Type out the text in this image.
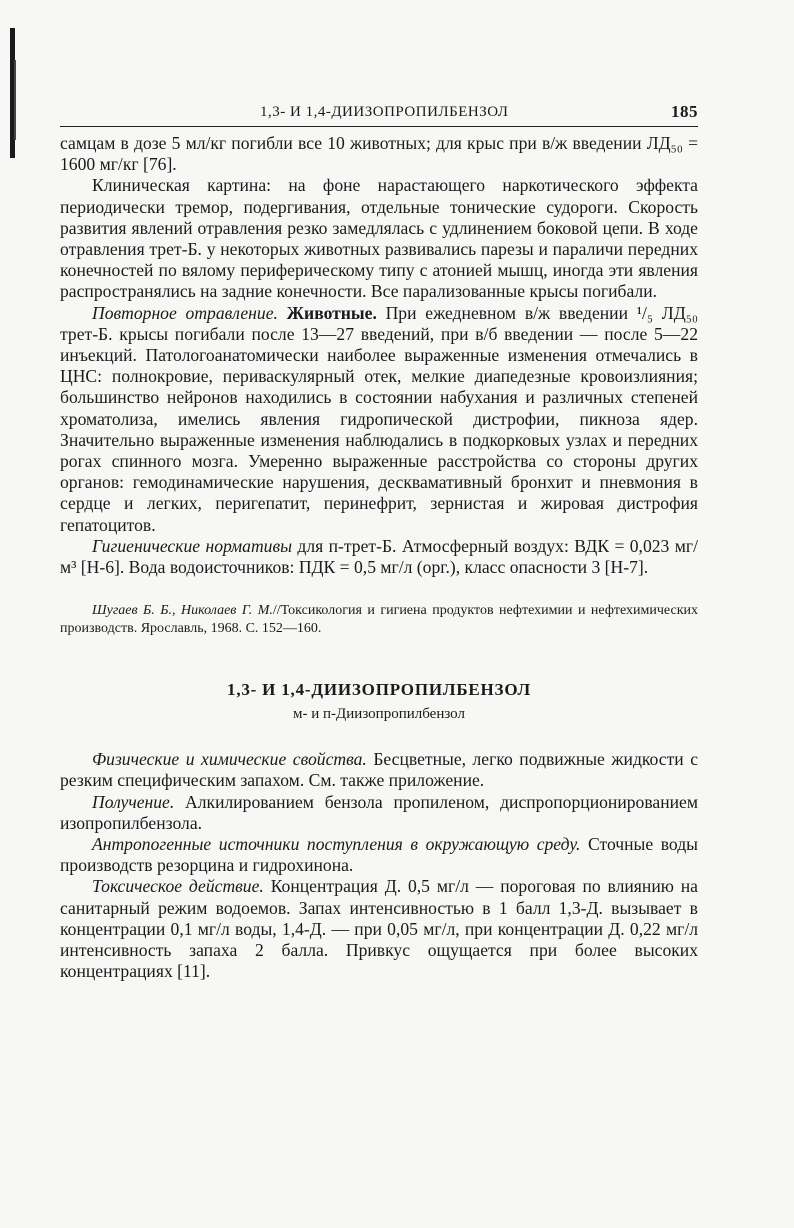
1,3- И 1,4-ДИИЗОПРОПИЛБЕНЗОЛ	185

самцам в дозе 5 мл/кг погибли все 10 животных; для крыс при в/ж введении ЛД₅₀ = 1600 мг/кг [76].

Клиническая картина: на фоне нарастающего наркотического эффекта периодически тремор, подергивания, отдельные тонические судороги. Скорость развития явлений отравления резко замедлялась с удлинением боковой цепи. В ходе отравления трет-Б. у некоторых животных развивались парезы и параличи передних конечностей по вялому периферическому типу с атонией мышц, иногда эти явления распространялись на задние конечности. Все парализованные крысы погибали.

Повторное отравление. Животные. При ежедневном в/ж введении ¹/₅ ЛД₅₀ трет-Б. крысы погибали после 13—27 введений, при в/б введении — после 5—22 инъекций. Патологоанатомически наиболее выраженные изменения отмечались в ЦНС: полнокровие, периваскулярный отек, мелкие диапедезные кровоизлияния; большинство нейронов находились в состоянии набухания и различных степеней хроматолиза, имелись явления гидропической дистрофии, пикноза ядер. Значительно выраженные изменения наблюдались в подкорковых узлах и передних рогах спинного мозга. Умеренно выраженные расстройства со стороны других органов: гемодинамические нарушения, десквамативный бронхит и пневмония в сердце и легких, перигепатит, перинефрит, зернистая и жировая дистрофия гепатоцитов.

Гигиенические нормативы для п-трет-Б. Атмосферный воздух: ВДК = 0,023 мг/м³ [Н-6]. Вода водоисточников: ПДК = 0,5 мг/л (орг.), класс опасности 3 [Н-7].

Шугаев Б. Б., Николаев Г. М.//Токсикология и гигиена продуктов нефтехимии и нефтехимических производств. Ярославль, 1968. С. 152—160.
1,3- И 1,4-ДИИЗОПРОПИЛБЕНЗОЛ
м- и п-Диизопропилбензол

Физические и химические свойства. Бесцветные, легко подвижные жидкости с резким специфическим запахом. См. также приложение.

Получение. Алкилированием бензола пропиленом, диспропорционированием изопропилбензола.

Антропогенные источники поступления в окружающую среду. Сточные воды производств резорцина и гидрохинона.

Токсическое действие. Концентрация Д. 0,5 мг/л — пороговая по влиянию на санитарный режим водоемов. Запах интенсивностью в 1 балл 1,3-Д. вызывает в концентрации 0,1 мг/л воды, 1,4-Д. — при 0,05 мг/л, при концентрации Д. 0,22 мг/л интенсивность запаха 2 балла. Привкус ощущается при более высоких концентрациях [11].
